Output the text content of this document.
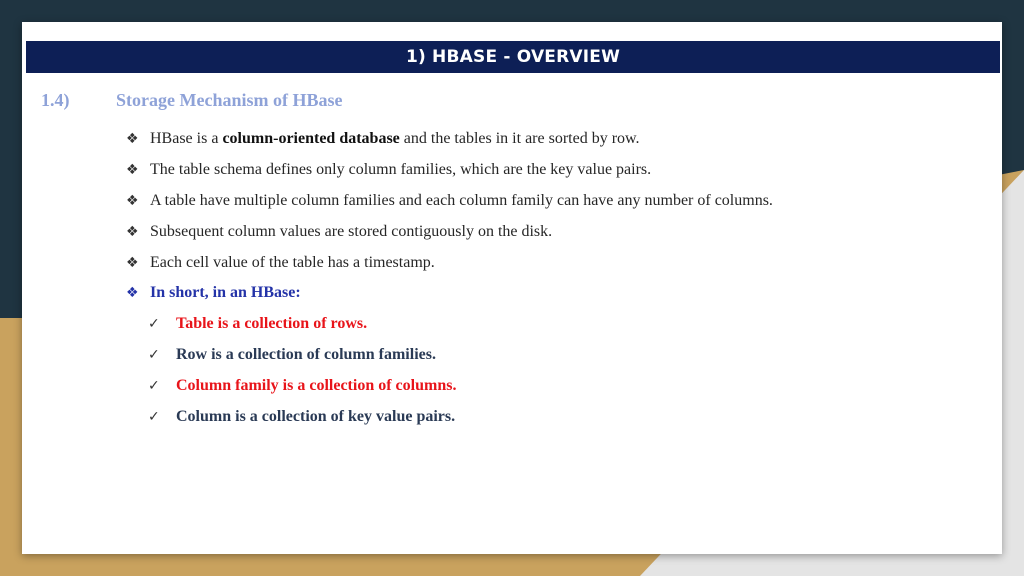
1) HBASE - OVERVIEW
1.4)	Storage Mechanism of HBase
❖ HBase is a column-oriented database and the tables in it are sorted by row.
❖ The table schema defines only column families, which are the key value pairs.
❖ A table have multiple column families and each column family can have any number of columns.
❖ Subsequent column values are stored contiguously on the disk.
❖ Each cell value of the table has a timestamp.
❖ In short, in an HBase:
✓	Table is a collection of rows.
✓	Row is a collection of column families.
✓	Column family is a collection of columns.
✓	Column is a collection of key value pairs.
